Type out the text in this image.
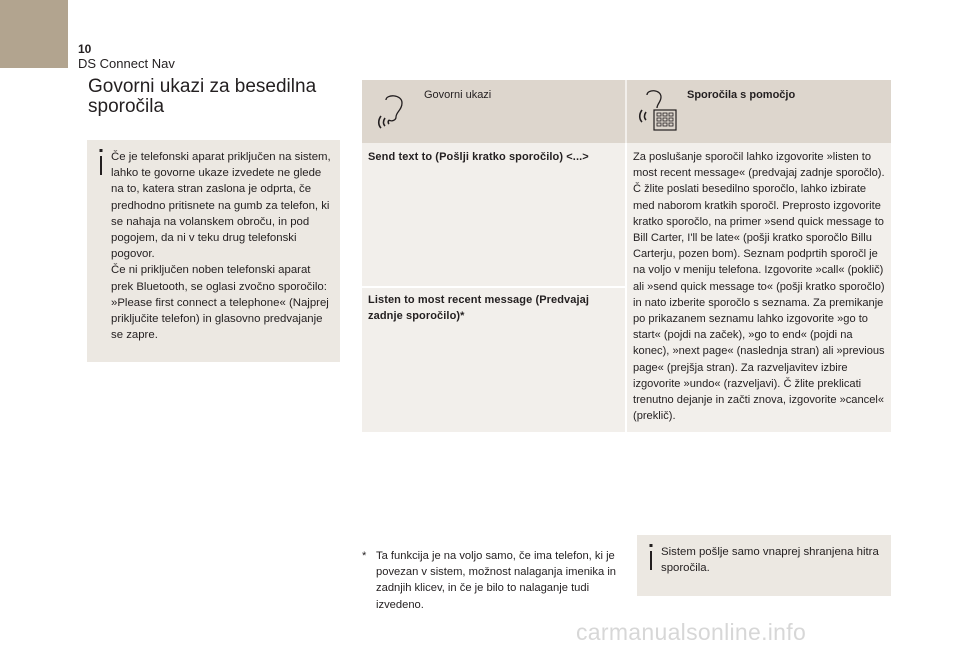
10
DS Connect Nav
Govorni ukazi za besedilna sporočila

Če je telefonski aparat priključen na sistem, lahko te govorne ukaze izvedete ne glede na to, katera stran zaslona je odprta, če predhodno pritisnete na gumb za telefon, ki se nahaja na volanskem obroču, in pod pogojem, da ni v teku drug telefonski pogovor.

Če ni priključen noben telefonski aparat prek Bluetooth, se oglasi zvočno sporočilo: »Please first connect a telephone« (Najprej priključite telefon) in glasovno predvajanje se zapre.

Govorni ukazi	Sporočila s pomočjo

Send text to (Pošlji kratko sporočilo) <...>

Listen to most recent message (Predvajaj zadnje sporočilo)*

Za poslušanje sporočil lahko izgovorite »listen to most recent message« (predvajaj zadnje sporočlo). Č žlite poslati besedilno sporočlo, lahko izbirate med naborom kratkih sporočl. Preprosto izgovorite kratko sporočlo, na primer »send quick message to Bill Carter, I'll be late« (pošji kratko sporočlo Billu Carterju, pozen bom). Seznam podprtih sporočl je na voljo v meniju telefona. Izgovorite »call« (poklič) ali »send quick message to« (pošji kratko sporočlo) in nato izberite sporočlo s seznama. Za premikanje po prikazanem seznamu lahko izgovorite »go to start« (pojdi na začek), »go to end« (pojdi na konec), »next page« (naslednja stran) ali »previous page« (prejšja stran). Za razveljavitev izbire izgovorite »undo« (razveljavi). Č žlite preklicati trenutno dejanje in začti znova, izgovorite »cancel« (preklič).

* Ta funkcija je na voljo samo, če ima telefon, ki je povezan v sistem, možnost nalaganja imenika in zadnjih klicev, in če je bilo to nalaganje tudi izvedeno.
Sistem pošlje samo vnaprej shranjena hitra sporočila.
carmanualsonline.info
